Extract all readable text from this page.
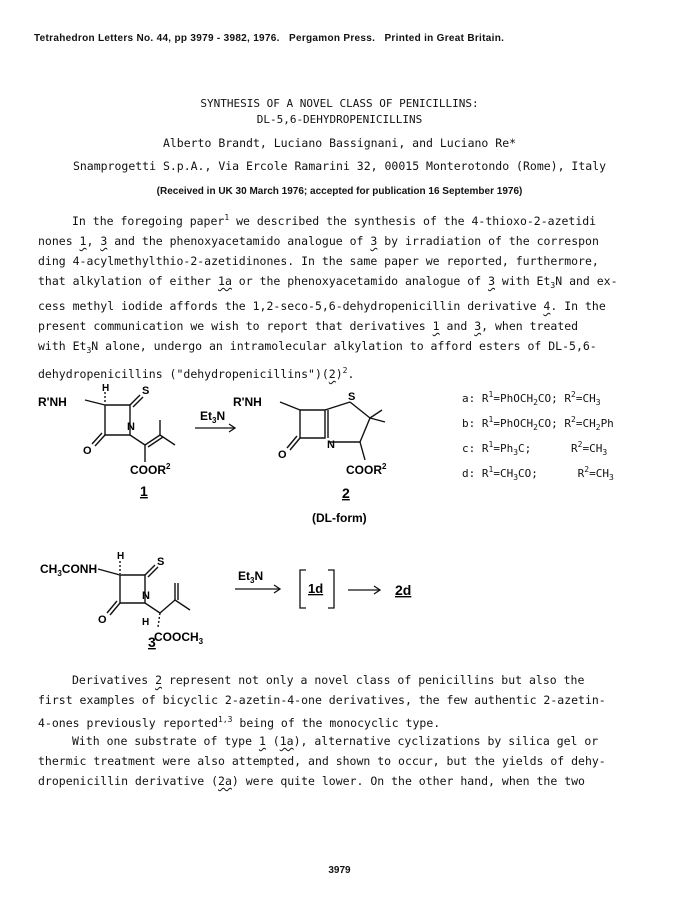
Tetrahedron Letters No. 44, pp 3979 - 3982, 1976. Pergamon Press. Printed in Great Britain.
SYNTHESIS OF A NOVEL CLASS OF PENICILLINS:
DL-5,6-DEHYDROPENICILLINS
Alberto Brandt, Luciano Bassignani, and Luciano Re*
Snamprogetti S.p.A., Via Ercole Ramarini 32, 00015 Monterotondo (Rome), Italy
(Received in UK 30 March 1976; accepted for publication 16 September 1976)

In the foregoing paper$^1$ we described the synthesis of the 4-thioxo-2-azetidi

nones 1, 3 and the phenoxyacetamido analogue of 3 by irradiation of the correspon

ding 4-acylmethylthio-2-azetidinones. In the same paper we reported, furthermore,

that alkylation of either 1a or the phenoxyacetamido analogue of 3 with $Et_3N$ and ex-

cess methyl iodide affords the 1,2-seco-5,6-dehydropenicillin derivative 4. In the

present communication we wish to report that derivatives 1 and 3, when treated

with $Et_3N$ alone, undergo an intramolecular alkylation to afford esters of DL-5,6-

dehydropenicillins $("dehydropenicillins")(2)^2$.

R'NH
H	S
N
O
COOR$^2$
1
$Et_3N$
R'NH	S
N
O
COOR$^2$
2
(DL-form)
a: $R^1=PhOCH_2CO$; $R^2=CH_3$
b: $R^1=PhOCH_2CO$; $R^2=CH_2Ph$
c: $R^1=Ph_3C$;	$R^2=CH_3$
d: $R^1=CH_3CO$;	$R^2=CH_3$
$CH_3CONH$
H	S
N
O	H
$COOCH_3$
3
$Et_3N$
1d	2d

Derivatives 2 represent not only a novel class of penicillins but also the

first examples of bicyclic 2-azetin-4-one derivatives, the few authentic 2-azetin-

4-ones previously reported$^{1,3}$ being of the monocyclic type.

With one substrate of type 1 (1a), alternative cyclizations by silica gel or

thermic treatment were also attempted, and shown to occur, but the yields of dehy-

dropenicillin derivative (2a) were quite lower. On the other hand, when the two

3979
